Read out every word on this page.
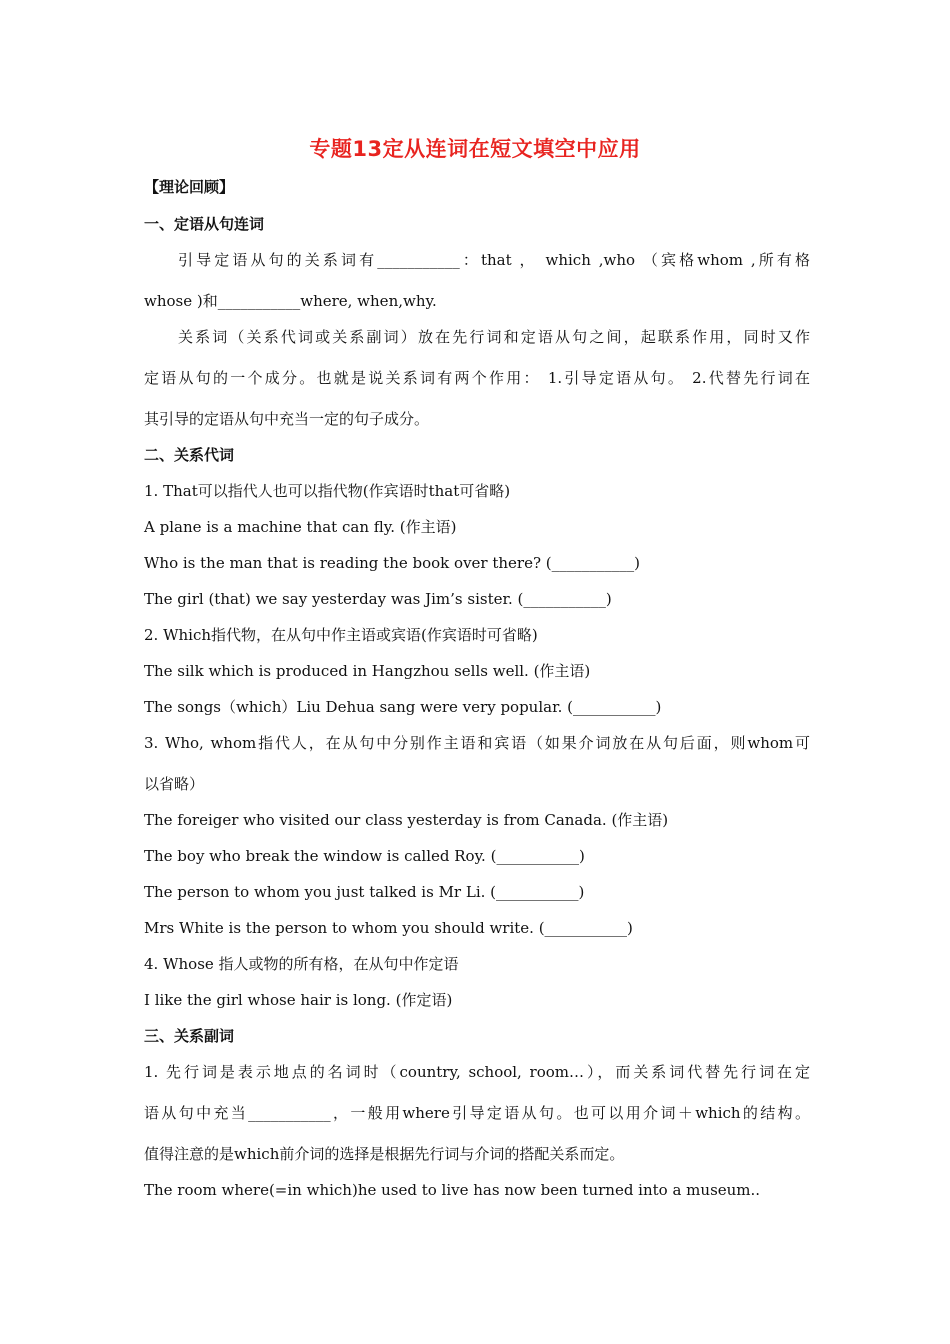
专题13定从连词在短文填空中应用
【理论回顾】
一、定语从句连词
引导定语从句的关系词有___________：that ， which ,who （宾格whom ,所有格
whose )和___________where, when,why.
关系词（关系代词或关系副词）放在先行词和定语从句之间，起联系作用，同时又作
定语从句的一个成分。也就是说关系词有两个作用： 1.引导定语从句。 2.代替先行词在
其引导的定语从句中充当一定的句子成分。
二、关系代词
1. That可以指代人也可以指代物(作宾语时that可省略)
A plane is a machine that can fly. (作主语)
Who is the man that is reading the book over there? (___________)
The girl (that) we say yesterday was Jim’s sister. (___________)
2. Which指代物，在从句中作主语或宾语(作宾语时可省略)
The silk which is produced in Hangzhou sells well. (作主语)
The songs（which）Liu Dehua sang were very popular. (___________)
3. Who, whom指代人，在从句中分别作主语和宾语（如果介词放在从句后面，则whom可
以省略）
The foreiger who visited our class yesterday is from Canada. (作主语)
The boy who break the window is called Roy. (___________)
The person to whom you just talked is Mr Li. (___________)
Mrs White is the person to whom you should write. (___________)
4. Whose 指人或物的所有格，在从句中作定语
I like the girl whose hair is long. (作定语)
三、关系副词
1. 先行词是表示地点的名词时（country, school, room…），而关系词代替先行词在定
语从句中充当___________，一般用where引导定语从句。也可以用介词＋which的结构。
值得注意的是which前介词的选择是根据先行词与介词的搭配关系而定。
The room where(=in which)he used to live has now been turned into a museum..
